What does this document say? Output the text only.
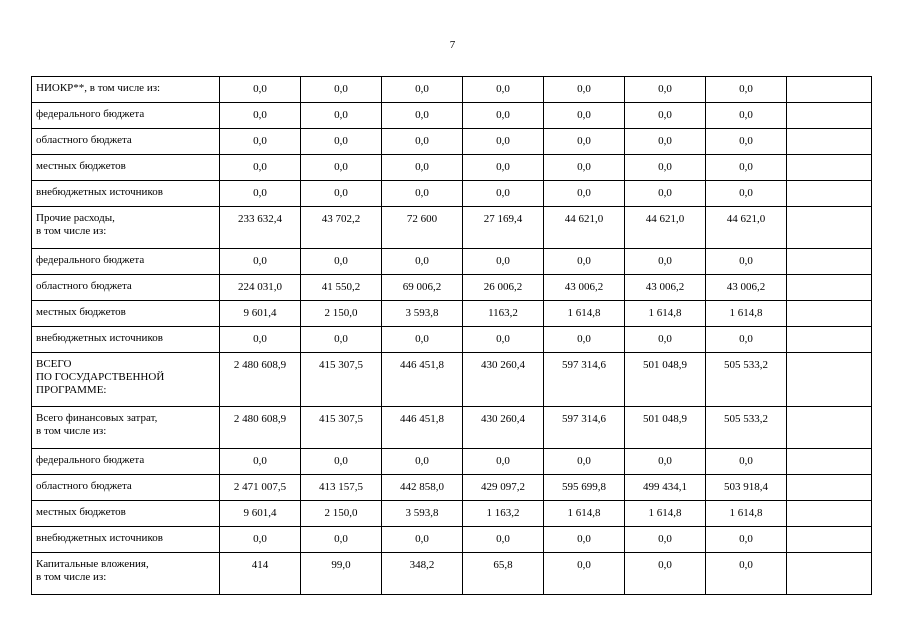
7
НИОКР**, в том числе из:	0,0	0,0	0,0	0,0	0,0	0,0	0,0	

федерального бюджета	0,0	0,0	0,0	0,0	0,0	0,0	0,0	

областного бюджета	0,0	0,0	0,0	0,0	0,0	0,0	0,0	

местных бюджетов	0,0	0,0	0,0	0,0	0,0	0,0	0,0	

внебюджетных источников	0,0	0,0	0,0	0,0	0,0	0,0	0,0	

Прочие расходы,
в том числе из:	233 632,4	43 702,2	72 600	27 169,4	44 621,0	44 621,0	44 621,0	

федерального бюджета	0,0	0,0	0,0	0,0	0,0	0,0	0,0	

областного бюджета	224 031,0	41 550,2	69 006,2	26 006,2	43 006,2	43 006,2	43 006,2	

местных бюджетов	9 601,4	2 150,0	3 593,8	1163,2	1 614,8	1 614,8	1 614,8	

внебюджетных источников	0,0	0,0	0,0	0,0	0,0	0,0	0,0	

ВСЕГО
ПО ГОСУДАРСТВЕННОЙ
ПРОГРАММЕ:	2 480 608,9	415 307,5	446 451,8	430 260,4	597 314,6	501 048,9	505 533,2	

Всего финансовых затрат,
в том числе из:	2 480 608,9	415 307,5	446 451,8	430 260,4	597 314,6	501 048,9	505 533,2	

федерального бюджета	0,0	0,0	0,0	0,0	0,0	0,0	0,0	

областного бюджета	2 471 007,5	413 157,5	442 858,0	429 097,2	595 699,8	499 434,1	503 918,4	

местных бюджетов	9 601,4	2 150,0	3 593,8	1 163,2	1 614,8	1 614,8	1 614,8	

внебюджетных источников	0,0	0,0	0,0	0,0	0,0	0,0	0,0	

Капитальные вложения,
в том числе из:	414	99,0	348,2	65,8	0,0	0,0	0,0	
